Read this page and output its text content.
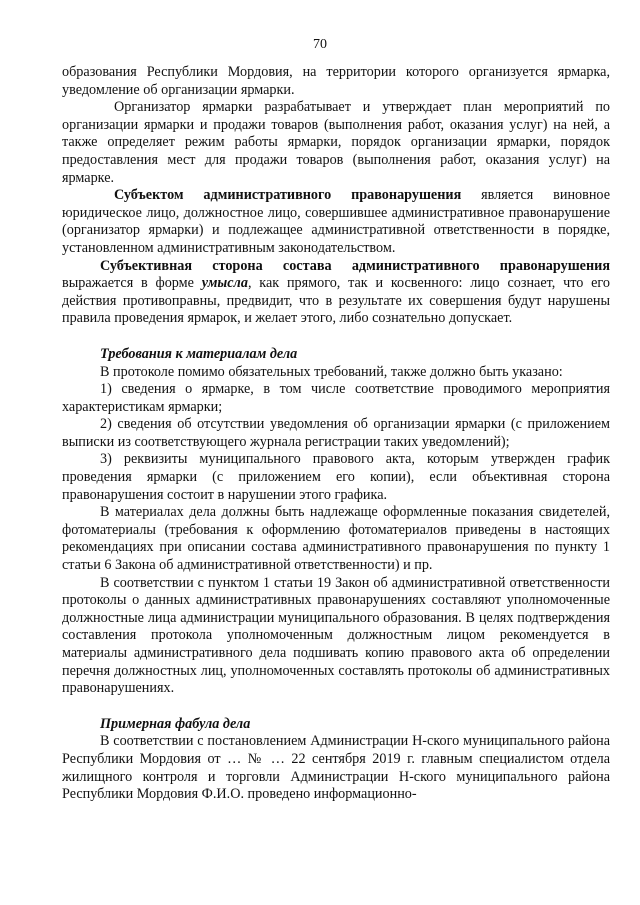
70

образования Республики Мордовия, на территории которого организуется ярмарка, уведомление об организации ярмарки.

Организатор ярмарки разрабатывает и утверждает план мероприятий по организации ярмарки и продажи товаров (выполнения работ, оказания услуг) на ней, а также определяет режим работы ярмарки, порядок организации ярмарки, порядок предоставления мест для продажи товаров (выполнения работ, оказания услуг) на ярмарке.

Субъектом административного правонарушения является виновное юридическое лицо, должностное лицо, совершившее административное правонарушение (организатор ярмарки) и подлежащее административной ответственности в порядке, установленном административным законодательством.

Субъективная сторона состава административного правонарушения выражается в форме умысла, как прямого, так и косвенного: лицо сознает, что его действия противоправны, предвидит, что в результате их совершения будут нарушены правила проведения ярмарок, и желает этого, либо сознательно допускает.

Требования к материалам дела

В протоколе помимо обязательных требований, также должно быть указано:

1) сведения о ярмарке, в том числе соответствие проводимого мероприятия характеристикам ярмарки;

2) сведения об отсутствии уведомления об организации ярмарки (с приложением выписки из соответствующего журнала регистрации таких уведомлений);

3) реквизиты муниципального правового акта, которым утвержден график проведения ярмарки (с приложением его копии), если объективная сторона правонарушения состоит в нарушении этого графика.

В материалах дела должны быть надлежаще оформленные показания свидетелей, фотоматериалы (требования к оформлению фотоматериалов приведены в настоящих рекомендациях при описании состава административного правонарушения по пункту 1 статьи 6 Закона об административной ответственности) и пр.

В соответствии с пунктом 1 статьи 19 Закон об административной ответственности протоколы о данных административных правонарушениях составляют уполномоченные должностные лица администрации муниципального образования. В целях подтверждения составления протокола уполномоченным должностным лицом рекомендуется в материалы административного дела подшивать копию правового акта об определении перечня должностных лиц, уполномоченных составлять протоколы об административных правонарушениях.

Примерная фабула дела

В соответствии с постановлением Администрации Н-ского муниципального района Республики Мордовия от … № … 22 сентября 2019 г. главным специалистом отдела жилищного контроля и торговли Администрации Н-ского муниципального района Республики Мордовия Ф.И.О. проведено информационно-
